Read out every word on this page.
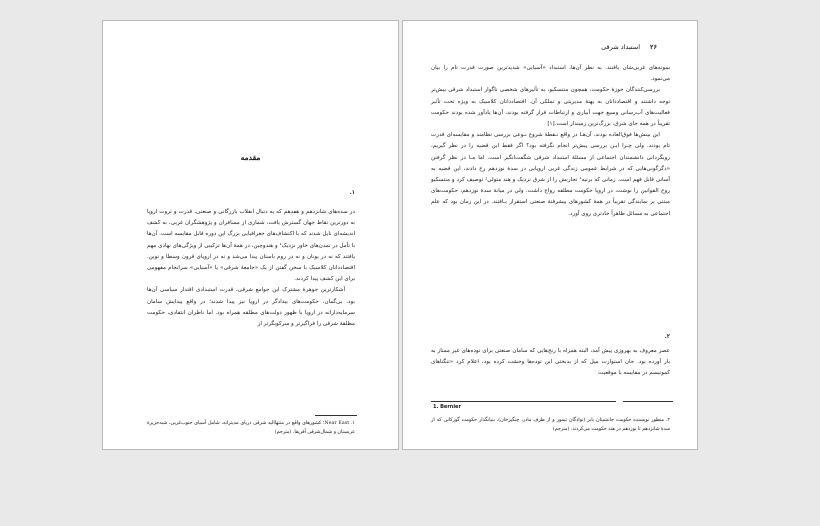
۲۶
استبداد شرقی

نمونه‌های غربی‌شان یافتند. به نظر آن‌ها، استبداد «آسیایی» شدیدترین صورت قدرت تام را بیان می‌نمود.

بررسی‌کنندگان حوزهٔ حکومت، همچون منتسکیو، به تأثیرهای شخصی ناگوار استبداد شرقی بیش‌تر توجه داشتند و اقتصاددانان به پهنهٔ مدیریتی و تملکی آن. اقتصاددانان کلاسیک به ویژه تحت تأثیر فعالیت‌های آب‌رسانی وسیع جهت آبیاری و ارتباطات قرار گرفته بودند. آن‌ها یادآور شده بودند حکومت تقریباً در همه جای شرق، بزرگ‌ترین زمیندار است.[۱]

این بینش‌ها فوق‌العاده بودند. آن‌هـا در واقع نـقطهٔ شروع نـوعی بررسی نظامند و مقایسه‌ای قدرت تام بودند. ولی چـرا ایـن بررسی پیش‌تر انجام نگرفته بود؟ اگر فقط این قضیه را در نظر گیریم، رویگردانی دانشمندان اجتماعی از مسئلهٔ استبداد شرقی شگفت‌انگیز است. اما مـا در نظر گرفتن «دگرگونی‌هایی که در شرایط عمومی زندگی غربی اروپایی در سدهٔ نوزدهم رخ دادند، این قضیه به آسانی قابل فهم است. زمانی که برنیه¹ تجاربش را از شرق نزدیک و هند متولی⁲ توصیف کرد و منتسکیو روح القوانین را نوشت، در اروپا حکومت مطلقه رواج داشت. ولی در میانهٔ سدهٔ نوزدهم، حکومت‌های مبتنی بر نمایندگی تقریباً در همهٔ کشورهای پیشرفتهٔ صنعتی استقرار یـافتند. در این زمان بود که علم اجتماعی به مسائل ظاهراً حادتری روی آورد.

۲.

عصر معروف به بهروزی پیش آمد، البته همراه با رنج‌هایی که سامان صنعتی برای توده‌های غیر ممتاز به بار آورده بود. جان استوارت میل که از بدبختی این توده‌ها وحشت کرده بود، اعلام کرد «تنگناهای کمونیسم در مقایسه با موقعیت

1. Bernier
۲. منظور نویسنده حکومت جانشینان بابر (نوادگان تیمور و از طرف مادر، چنگیزخان)، بنیانگذار حکومت گورکانی که از سدهٔ شانزدهم تا نوزدهم در هند حکومت می‌کردند. (مترجم)
مقدمه
۱.

در سده‌های شانزدهم و هفدهم که به دنبال انقلاب بازرگانی و صنعتی، قدرت و ثروت اروپا به دورترین نقاط جهان گسترش یافت، شماری از مسافران و پژوهشگران غربی، به کشف اندیشه‌ای نایل شدند که با اکتشاف‌های جغرافیایی بزرگ این دوره قابل مقایسه است. آن‌ها با تأمل در تمدن‌های خاور نزدیک¹ و هندوچین، در همهٔ آن‌ها ترکیبی از ویژگی‌های نهادی مهم یافتند که نه در یونان و نه در روم باستان پیدا می‌شد و نه در اروپای قرون وسطا و نوین. اقتصاددانان کلاسیک با سخن گفتن از یک «جامعهٔ شرقی» یا «آسیایی» سرانجام مفهومی برای این کشف پیدا کردند.

آشکارترین جوهرهٔ مشترک این جوامع شرقی، قدرت استبدادی اقتدار سیاسی آن‌ها بود. بی‌گمان، حکومت‌های بیدادگر در اروپا نیز پیدا شدند؛ در واقع پیدایش سامان سرمایه‌دارانه در اروپا با ظهور دولت‌های مطلقه همراه بود. اما ناظران انتقادی، حکومت مطلقهٔ شرقی را فراگیرتر و سرکوبگرتر از

۱. Near East؛ کشورهای واقع در منتهاالیه شرقی دریای مدیترانه، شامل آسیای جنوب‌غربی، شبه‌جزیرهٔ عربستان و شمال‌شرقی آفریقا. (مترجم)
